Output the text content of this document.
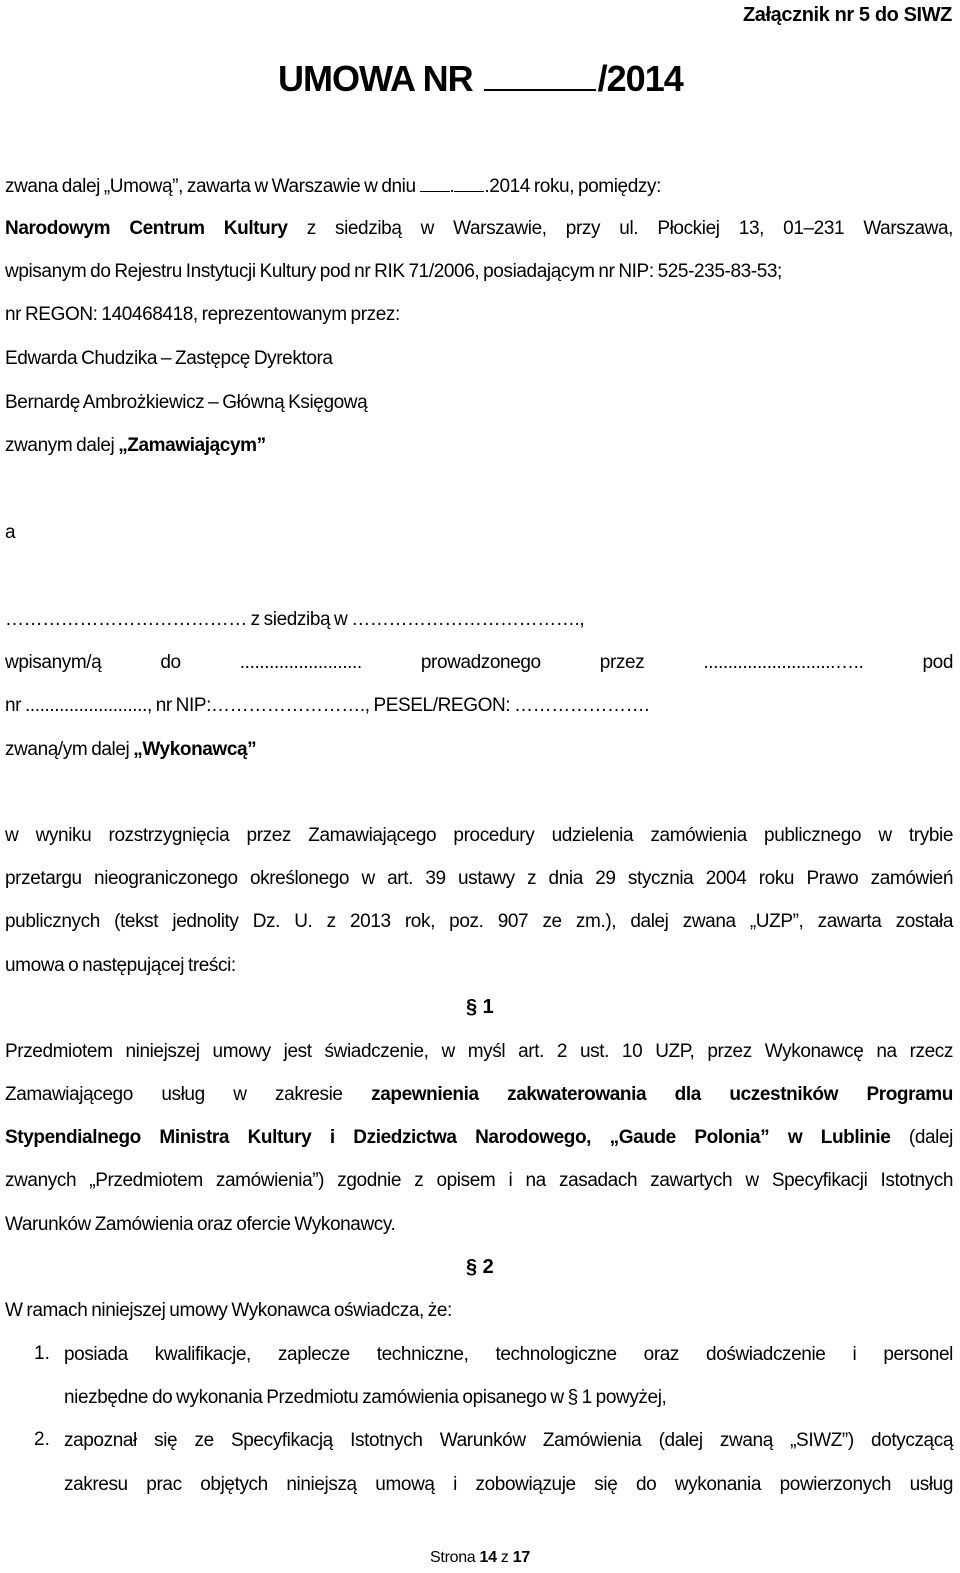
Załącznik nr 5 do SIWZ
UMOWA NR	/2014
zwana dalej „Umową”, zawarta w Warszawie w dniu . .2014 roku, pomiędzy:
Narodowym Centrum Kultury z siedzibą w Warszawie, przy ul. Płockiej 13, 01–231 Warszawa,
wpisanym do Rejestru Instytucji Kultury pod nr RIK 71/2006, posiadającym nr NIP: 525-235-83-53;
nr REGON: 140468418, reprezentowanym przez:
Edwarda Chudzika – Zastępcę Dyrektora
Bernardę Ambrożkiewicz – Główną Księgową
zwanym dalej „Zamawiającym”
a
………………………………… z siedzibą w ……………………………….,
wpisanym/ą do ......................... prowadzonego przez ...........................….. pod
nr ........................., nr NIP:……………………., PESEL/REGON: ………………….
zwaną/ym dalej „Wykonawcą”
w wyniku rozstrzygnięcia przez Zamawiającego procedury udzielenia zamówienia publicznego w trybie
przetargu nieograniczonego określonego w art. 39 ustawy z dnia 29 stycznia 2004 roku Prawo zamówień
publicznych (tekst jednolity Dz. U. z 2013 rok, poz. 907 ze zm.), dalej zwana „UZP”, zawarta została
umowa o następującej treści:
§ 1
Przedmiotem niniejszej umowy jest świadczenie, w myśl art. 2 ust. 10 UZP, przez Wykonawcę na rzecz
Zamawiającego usług w zakresie zapewnienia zakwaterowania dla uczestników Programu
Stypendialnego Ministra Kultury i Dziedzictwa Narodowego, „Gaude Polonia” w Lublinie (dalej
zwanych „Przedmiotem zamówienia”) zgodnie z opisem i na zasadach zawartych w Specyfikacji Istotnych
Warunków Zamówienia oraz ofercie Wykonawcy.
§ 2
W ramach niniejszej umowy Wykonawca oświadcza, że:
1. posiada kwalifikacje, zaplecze techniczne, technologiczne oraz doświadczenie i personel
niezbędne do wykonania Przedmiotu zamówienia opisanego w § 1 powyżej,
2. zapoznał się ze Specyfikacją Istotnych Warunków Zamówienia (dalej zwaną „SIWZ”) dotyczącą
zakresu prac objętych niniejszą umową i zobowiązuje się do wykonania powierzonych usług
Strona 14 z 17
